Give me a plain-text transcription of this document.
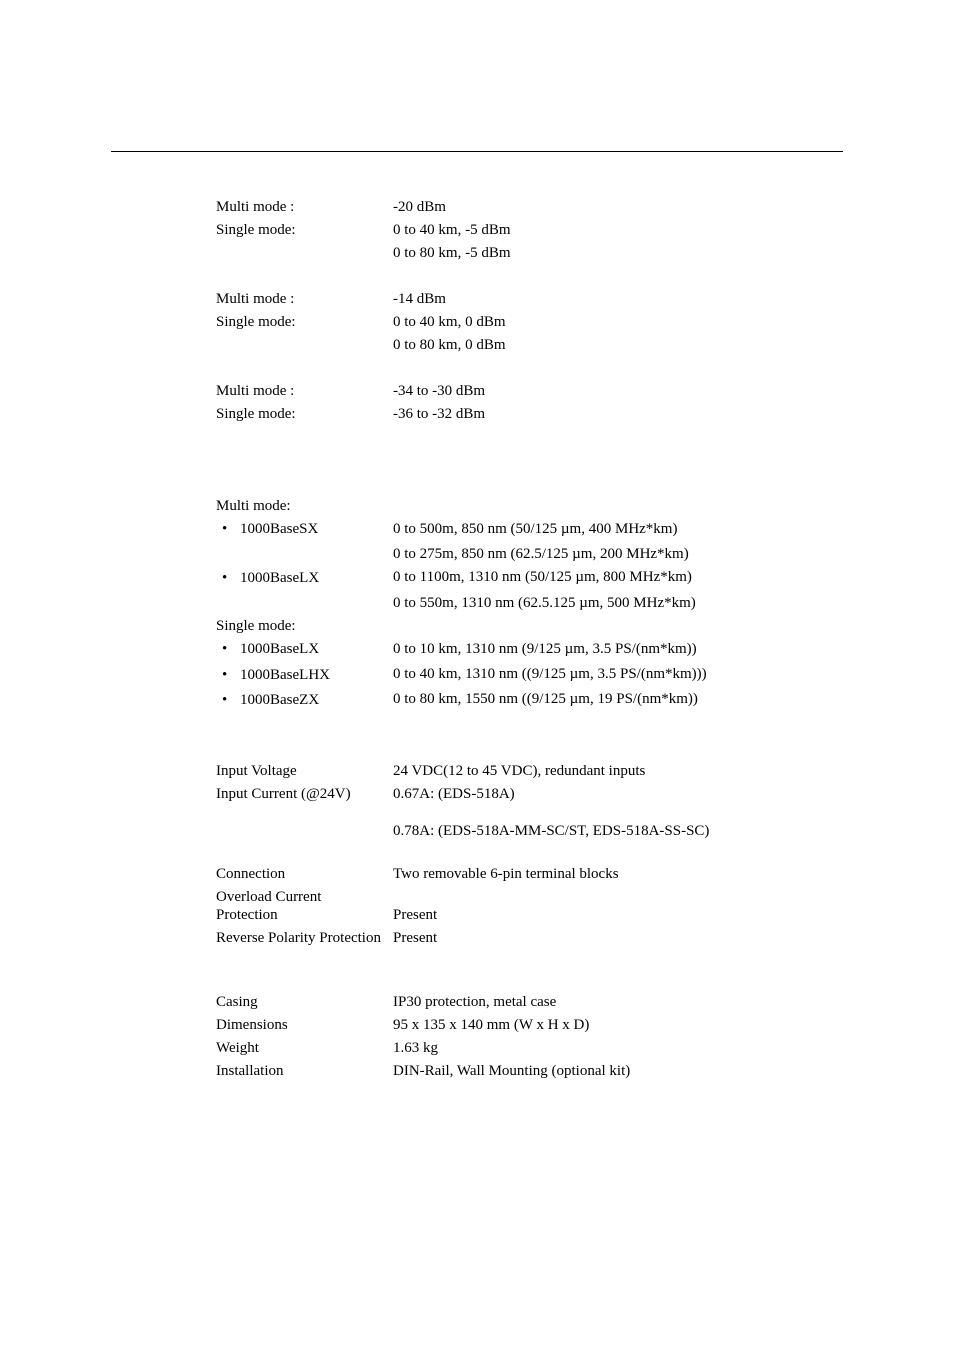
Multi mode :	-20 dBm
Single mode:	0 to 40 km, -5 dBm
0 to 80 km, -5 dBm
Multi mode :	-14 dBm
Single mode:	0 to 40 km, 0 dBm
0 to 80 km, 0 dBm
Multi mode :	-34 to -30 dBm
Single mode:	-36 to -32 dBm
Multi mode:
• 1000BaseSX	0 to 500m, 850 nm (50/125 µm, 400 MHz*km)
0 to 275m, 850 nm (62.5/125 µm, 200 MHz*km)
• 1000BaseLX	0 to 1100m, 1310 nm (50/125 µm, 800 MHz*km)
0 to 550m, 1310 nm (62.5.125 µm, 500 MHz*km)
Single mode:
• 1000BaseLX	0 to 10 km, 1310 nm (9/125 µm, 3.5 PS/(nm*km))
• 1000BaseLHX	0 to 40 km, 1310 nm ((9/125 µm, 3.5 PS/(nm*km)))
• 1000BaseZX	0 to 80 km, 1550 nm ((9/125 µm, 19 PS/(nm*km))
Input Voltage	24 VDC(12 to 45 VDC), redundant inputs
Input Current (@24V)	0.67A: (EDS-518A)
0.78A: (EDS-518A-MM-SC/ST, EDS-518A-SS-SC)
Connection	Two removable 6-pin terminal blocks
Overload Current
Protection	Present
Reverse Polarity Protection Present
Casing	IP30 protection, metal case
Dimensions	95 x 135 x 140 mm (W x H x D)
Weight	1.63 kg
Installation	DIN-Rail, Wall Mounting (optional kit)
